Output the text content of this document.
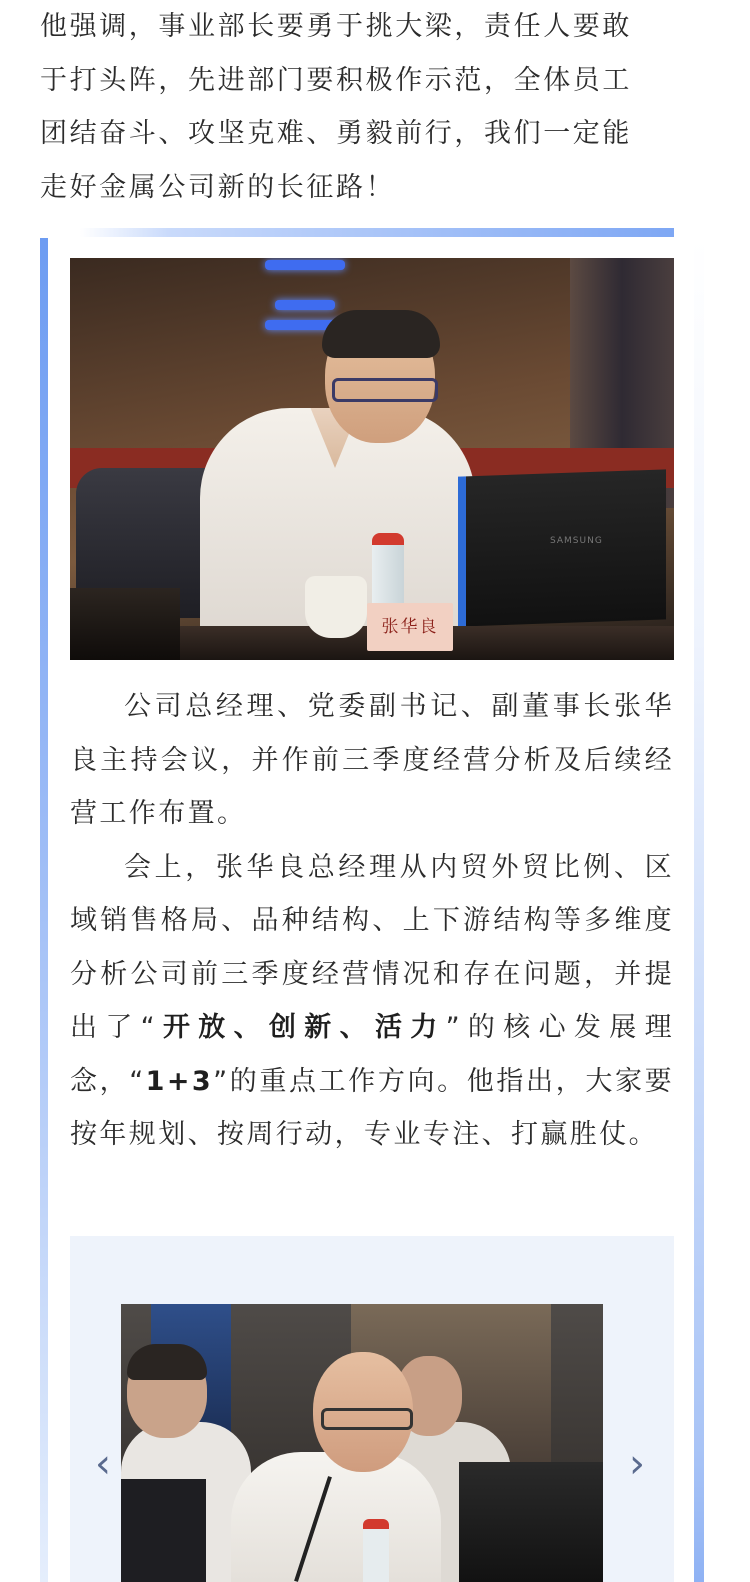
他强调，事业部长要勇于挑大梁，责任人要敢

于打头阵，先进部门要积极作示范，全体员工

团结奋斗、攻坚克难、勇毅前行，我们一定能

走好金属公司新的长征路！

SAMSUNG
张华良

公司总经理、党委副书记、副董事长张华良主持会议，并作前三季度经营分析及后续经营工作布置。

会上，张华良总经理从内贸外贸比例、区域销售格局、品种结构、上下游结构等多维度分析公司前三季度经营情况和存在问题，并提出了“开放、创新、活力”的核心发展理念，“1+3”的重点工作方向。他指出，大家要按年规划、按周行动，专业专注、打赢胜仗。

‹	›
